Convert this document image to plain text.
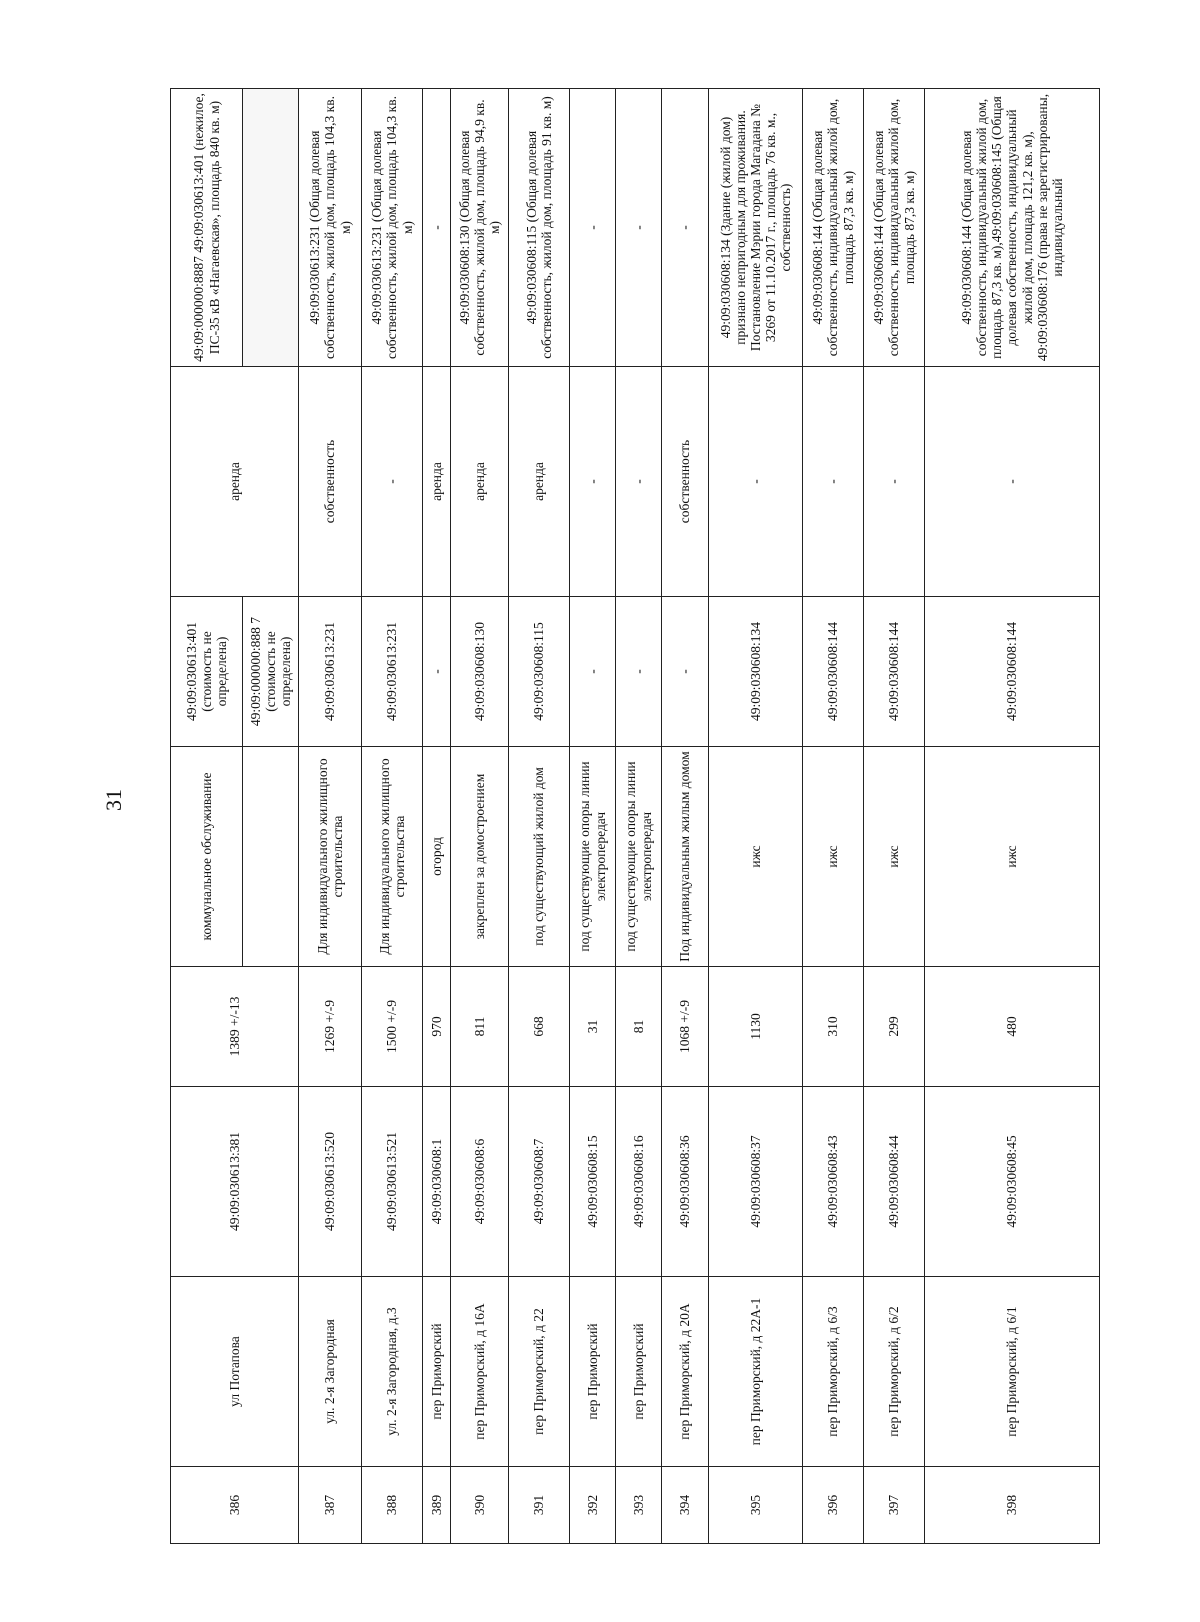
31
386	ул Потапова	49:09:030613:381	1389 +/-13	коммунальное обслуживание	49:09:030613:401 (стоимость не определена)	аренда	49:09:000000:8887 49:09:030613:401 (нежилое, ПС-35 кВ «Нагаевская», площадь 840 кв. м)
					49:09:000000:888 7 (стоимость не определена)		
387	ул. 2-я Загородная	49:09:030613:520	1269 +/-9	Для индивидуального жилищного строительства	49:09:030613:231	собственность	49:09:030613:231 (Общая долевая собственность, жилой дом, площадь 104,3 кв. м)
388	ул. 2-я Загородная, д.3	49:09:030613:521	1500 +/-9	Для индивидуального жилищного строительства	49:09:030613:231	-	49:09:030613:231 (Общая долевая собственность, жилой дом, площадь 104,3 кв. м)
389	пер Приморский	49:09:030608:1	970	огород	-	аренда	-
390	пер Приморский, д 16А	49:09:030608:6	811	закреплен за домостроением	49:09:030608:130	аренда	49:09:030608:130 (Общая долевая собственность, жилой дом, площадь 94,9 кв. м)
391	пер Приморский, д 22	49:09:030608:7	668	под существующий жилой дом	49:09:030608:115	аренда	49:09:030608:115 (Общая долевая собственность, жилой дом, площадь 91 кв. м)
392	пер Приморский	49:09:030608:15	31	под существующие опоры линии электропередач	-	-	-
393	пер Приморский	49:09:030608:16	81	под существующие опоры линии электропередач	-	-	-
394	пер Приморский, д 20А	49:09:030608:36	1068 +/-9	Под индивидуальным жилым домом	-	собственность	-
395	пер Приморский, д 22А-1	49:09:030608:37	1130	ижс	49:09:030608:134	-	49:09:030608:134 (Здание (жилой дом) признано непригодным для проживания. Постановление Мэрии города Магадана № 3269 от 11.10.2017 г., площадь 76 кв. м., собственность)
396	пер Приморский, д 6/3	49:09:030608:43	310	ижс	49:09:030608:144	-	49:09:030608:144 (Общая долевая собственность, индивидуальный жилой дом, площадь 87,3 кв. м)
397	пер Приморский, д 6/2	49:09:030608:44	299	ижс	49:09:030608:144	-	49:09:030608:144 (Общая долевая собственность, индивидуальный жилой дом, площадь 87,3 кв. м)
398	пер Приморский, д 6/1	49:09:030608:45	480	ижс	49:09:030608:144	-	49:09:030608:144 (Общая долевая собственность, индивидуальный жилой дом, площадь 87,3 кв. м),49:09:030608:145 (Общая долевая собственность, индивидуальный жилой дом, площадь 121,2 кв. м), 49:09:030608:176 (права не зарегистрированы, индивидуальный
